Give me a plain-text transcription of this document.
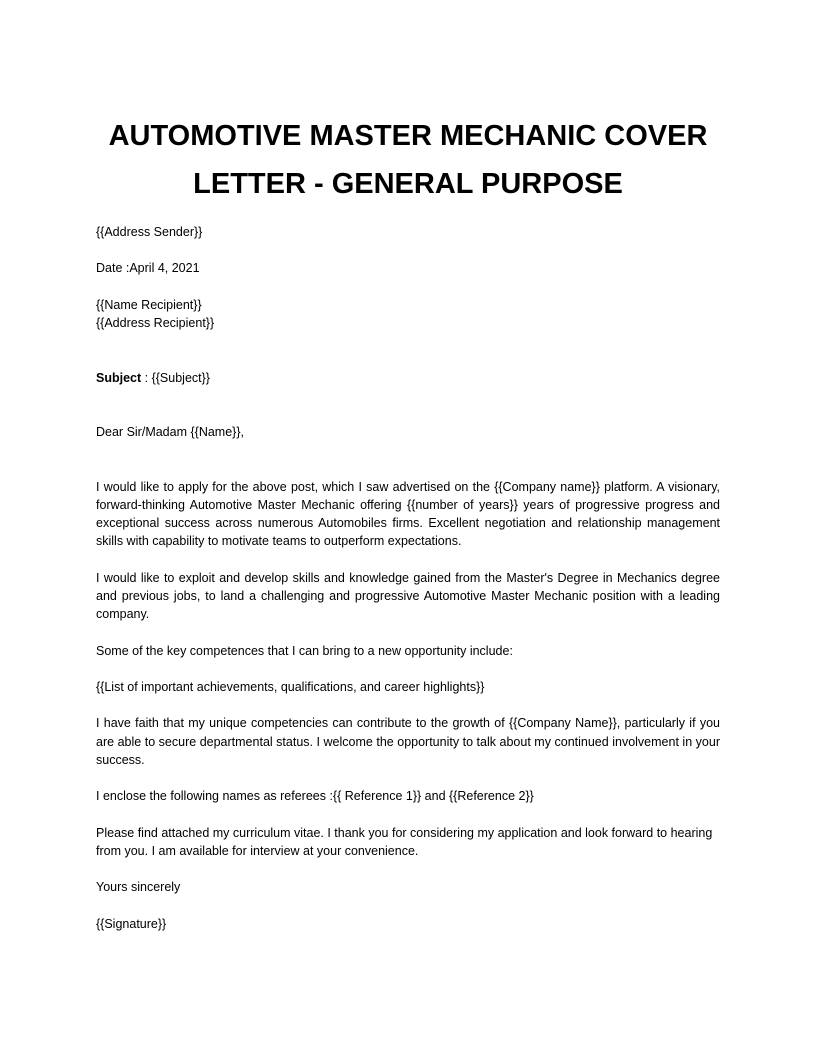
AUTOMOTIVE MASTER MECHANIC COVER
LETTER - GENERAL PURPOSE

{{Address Sender}}

Date :April 4, 2021

{{Name Recipient}}

{{Address Recipient}}

Subject : {{Subject}}

Dear Sir/Madam {{Name}},

I would like to apply for the above post, which I saw advertised on the {{Company name}} platform. A visionary, forward-thinking Automotive Master Mechanic offering {{number of years}} years of progressive progress and exceptional success across numerous Automobiles firms. Excellent negotiation and relationship management skills with capability to motivate teams to outperform expectations.

I would like to exploit and develop skills and knowledge gained from the Master's Degree in Mechanics degree and previous jobs, to land a challenging and progressive Automotive Master Mechanic position with a leading company.

Some of the key competences that I can bring to a new opportunity include:

{{List of important achievements, qualifications, and career highlights}}

I have faith that my unique competencies can contribute to the growth of {{Company Name}}, particularly if you are able to secure departmental status. I welcome the opportunity to talk about my continued involvement in your success.

I enclose the following names as referees :{{ Reference 1}} and {{Reference 2}}

Please find attached my curriculum vitae. I thank you for considering my application and look forward to hearing from you. I am available for interview at your convenience.

Yours sincerely

{{Signature}}
